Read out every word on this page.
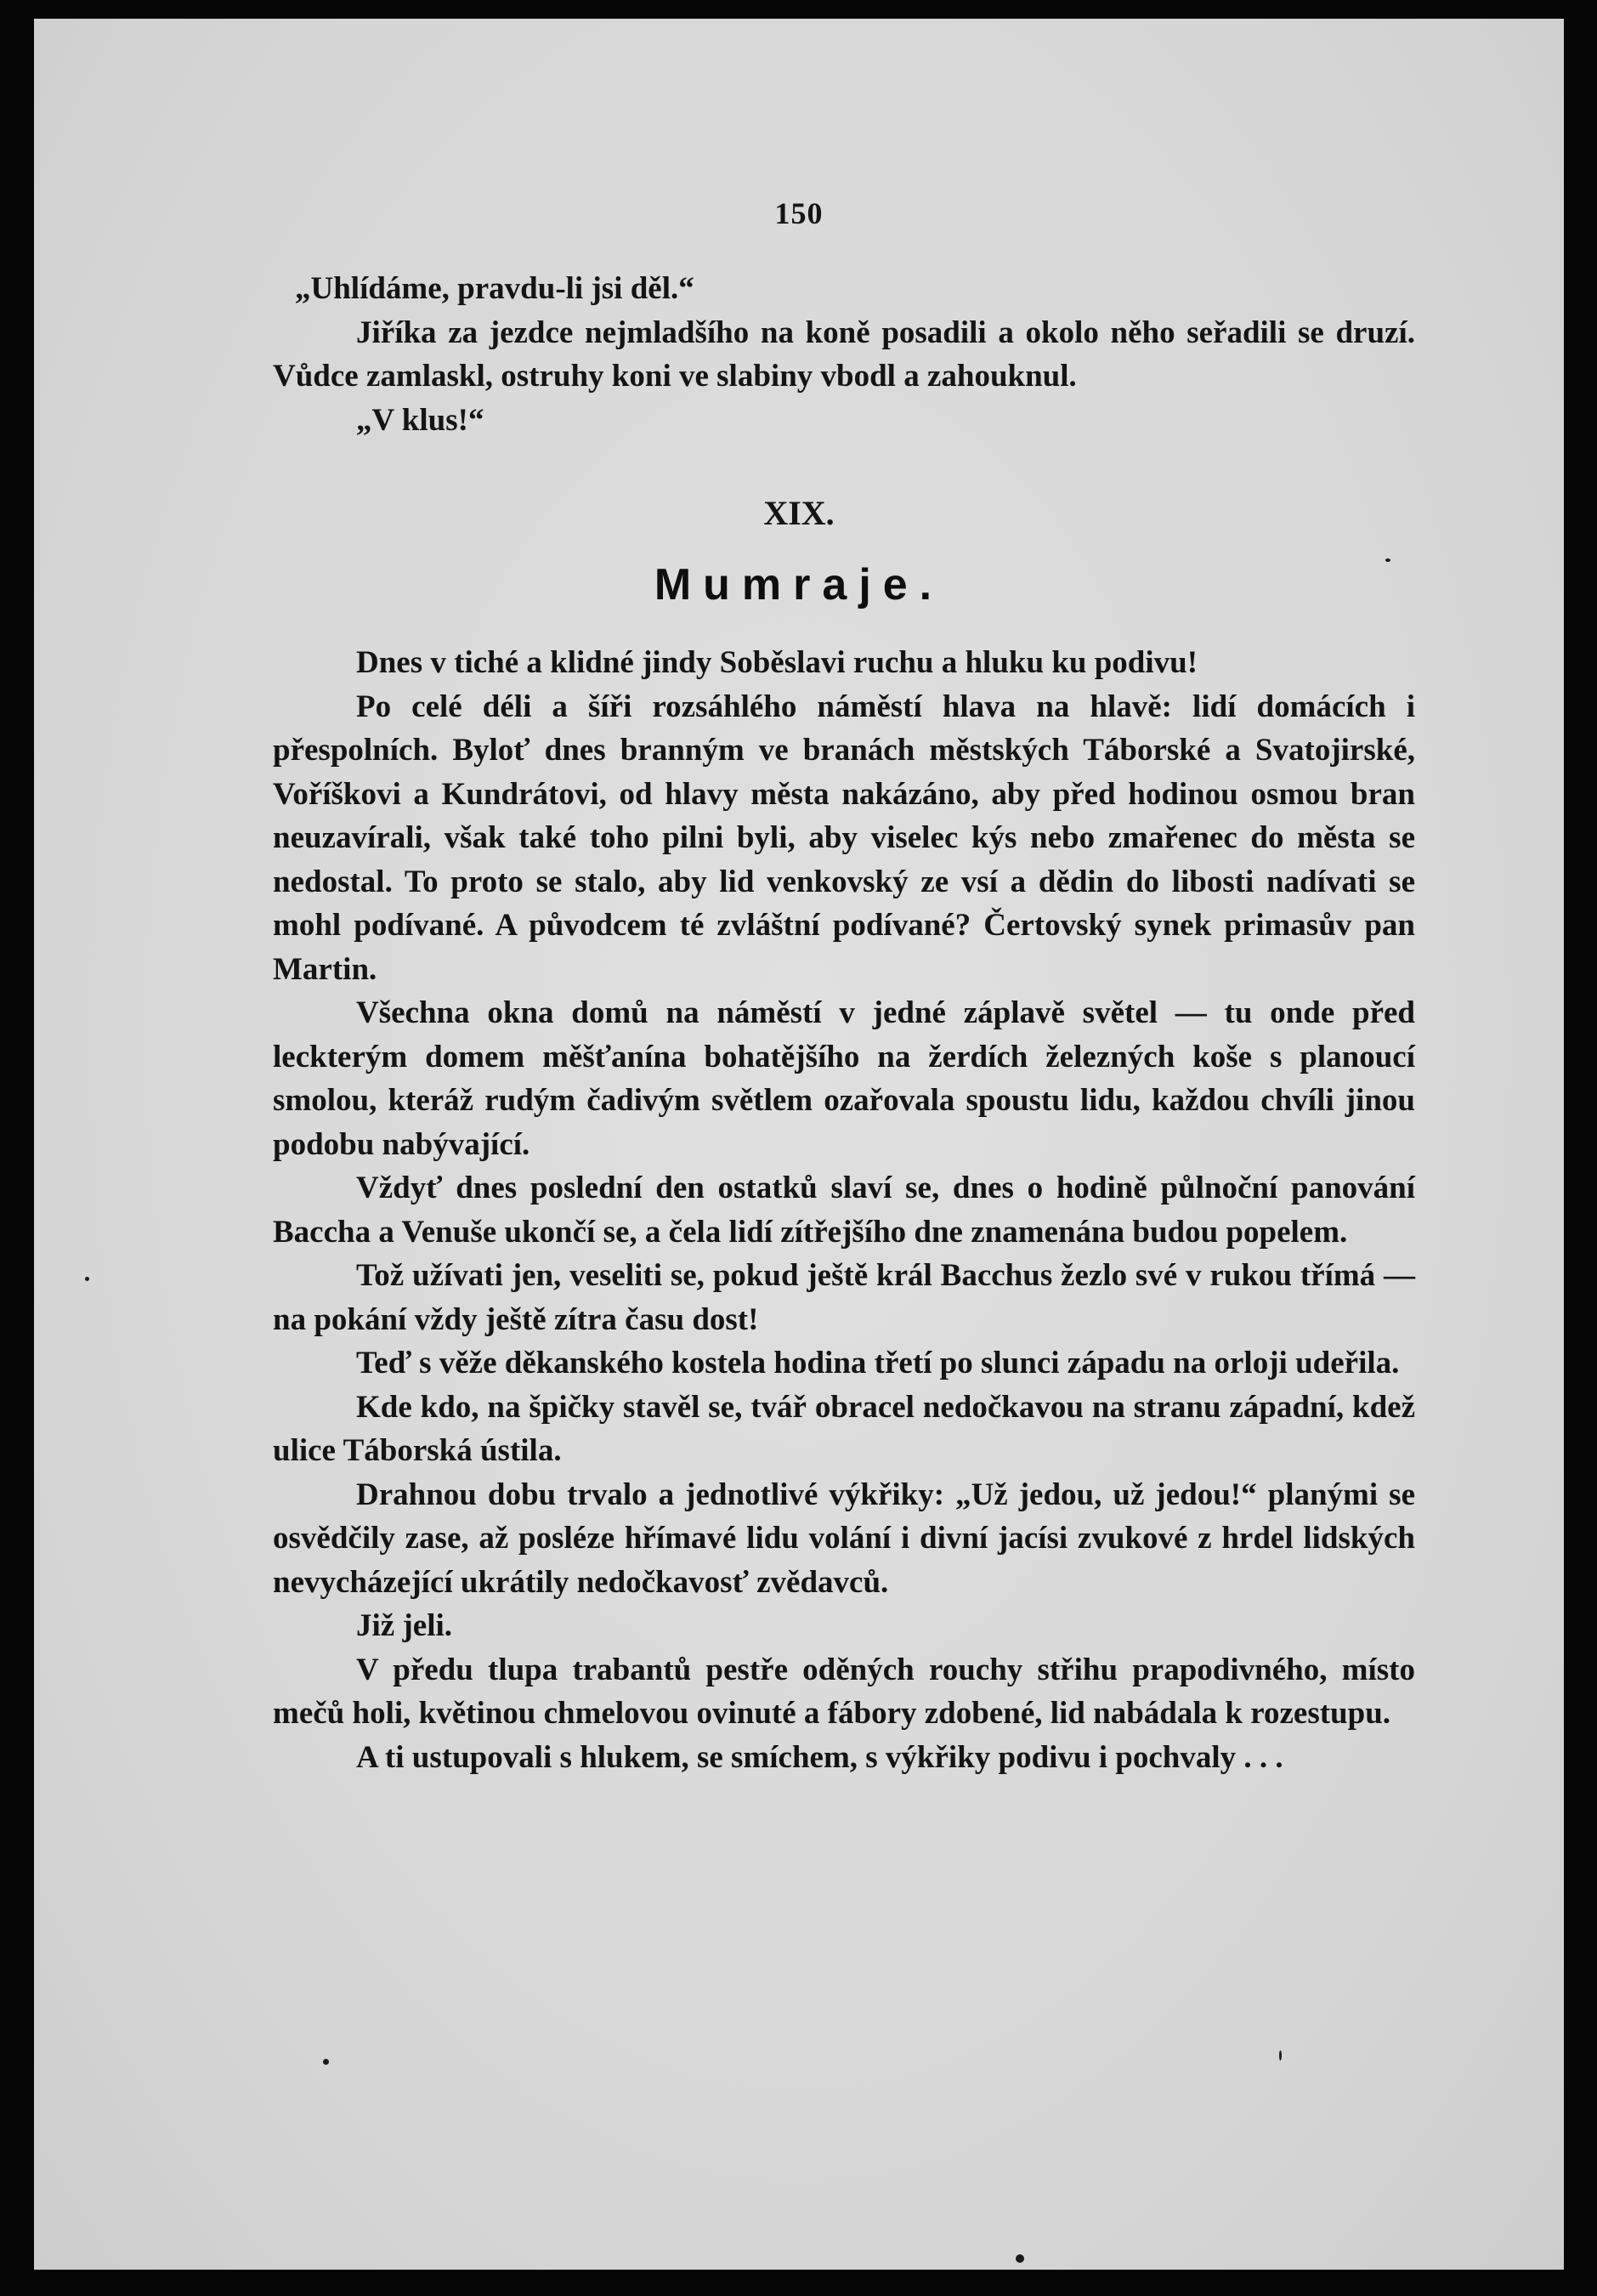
150

„Uhlídáme, pravdu-li jsi děl.“

Jiříka za jezdce nejmladšího na koně posadili a okolo něho seřadili se druzí. Vůdce zamlaskl, ostruhy koni ve slabiny vbodl a zahouknul.

„V klus!“

XIX.
Mumraje.

Dnes v tiché a klidné jindy Soběslavi ruchu a hluku ku podivu!

Po celé déli a šíři rozsáhlého náměstí hlava na hlavě: lidí domácích i přespolních. Byloť dnes branným ve branách městských Táborské a Svatojirské, Voříškovi a Kundrátovi, od hlavy města nakázáno, aby před hodinou osmou bran neuzavírali, však také toho pilni byli, aby viselec kýs nebo zmařenec do města se nedostal. To proto se stalo, aby lid venkovský ze vsí a dědin do libosti nadívati se mohl podívané. A původcem té zvláštní podívané? Čertovský synek primasův pan Martin.

Všechna okna domů na náměstí v jedné záplavě světel — tu onde před leckterým domem měšťanína bohatějšího na žerdích železných koše s planoucí smolou, kteráž rudým čadivým světlem ozařovala spoustu lidu, každou chvíli jinou podobu nabývající.

Vždyť dnes poslední den ostatků slaví se, dnes o hodině půlnoční panování Baccha a Venuše ukončí se, a čela lidí zítřejšího dne znamenána budou popelem.

Tož užívati jen, veseliti se, pokud ještě král Bacchus žezlo své v rukou třímá — na pokání vždy ještě zítra času dost!

Teď s věže děkanského kostela hodina třetí po slunci západu na orloji udeřila.

Kde kdo, na špičky stavěl se, tvář obracel nedočkavou na stranu západní, kdež ulice Táborská ústila.

Drahnou dobu trvalo a jednotlivé výkřiky: „Už jedou, už jedou!“ planými se osvědčily zase, až posléze hřímavé lidu volání i divní jacísi zvukové z hrdel lidských nevycházející ukrátily nedočkavosť zvědavců.

Již jeli.

V předu tlupa trabantů pestře oděných rouchy střihu prapodivného, místo mečů holi, květinou chmelovou ovinuté a fábory zdobené, lid nabádala k rozestupu.

A ti ustupovali s hlukem, se smíchem, s výkřiky podivu i pochvaly . . .
